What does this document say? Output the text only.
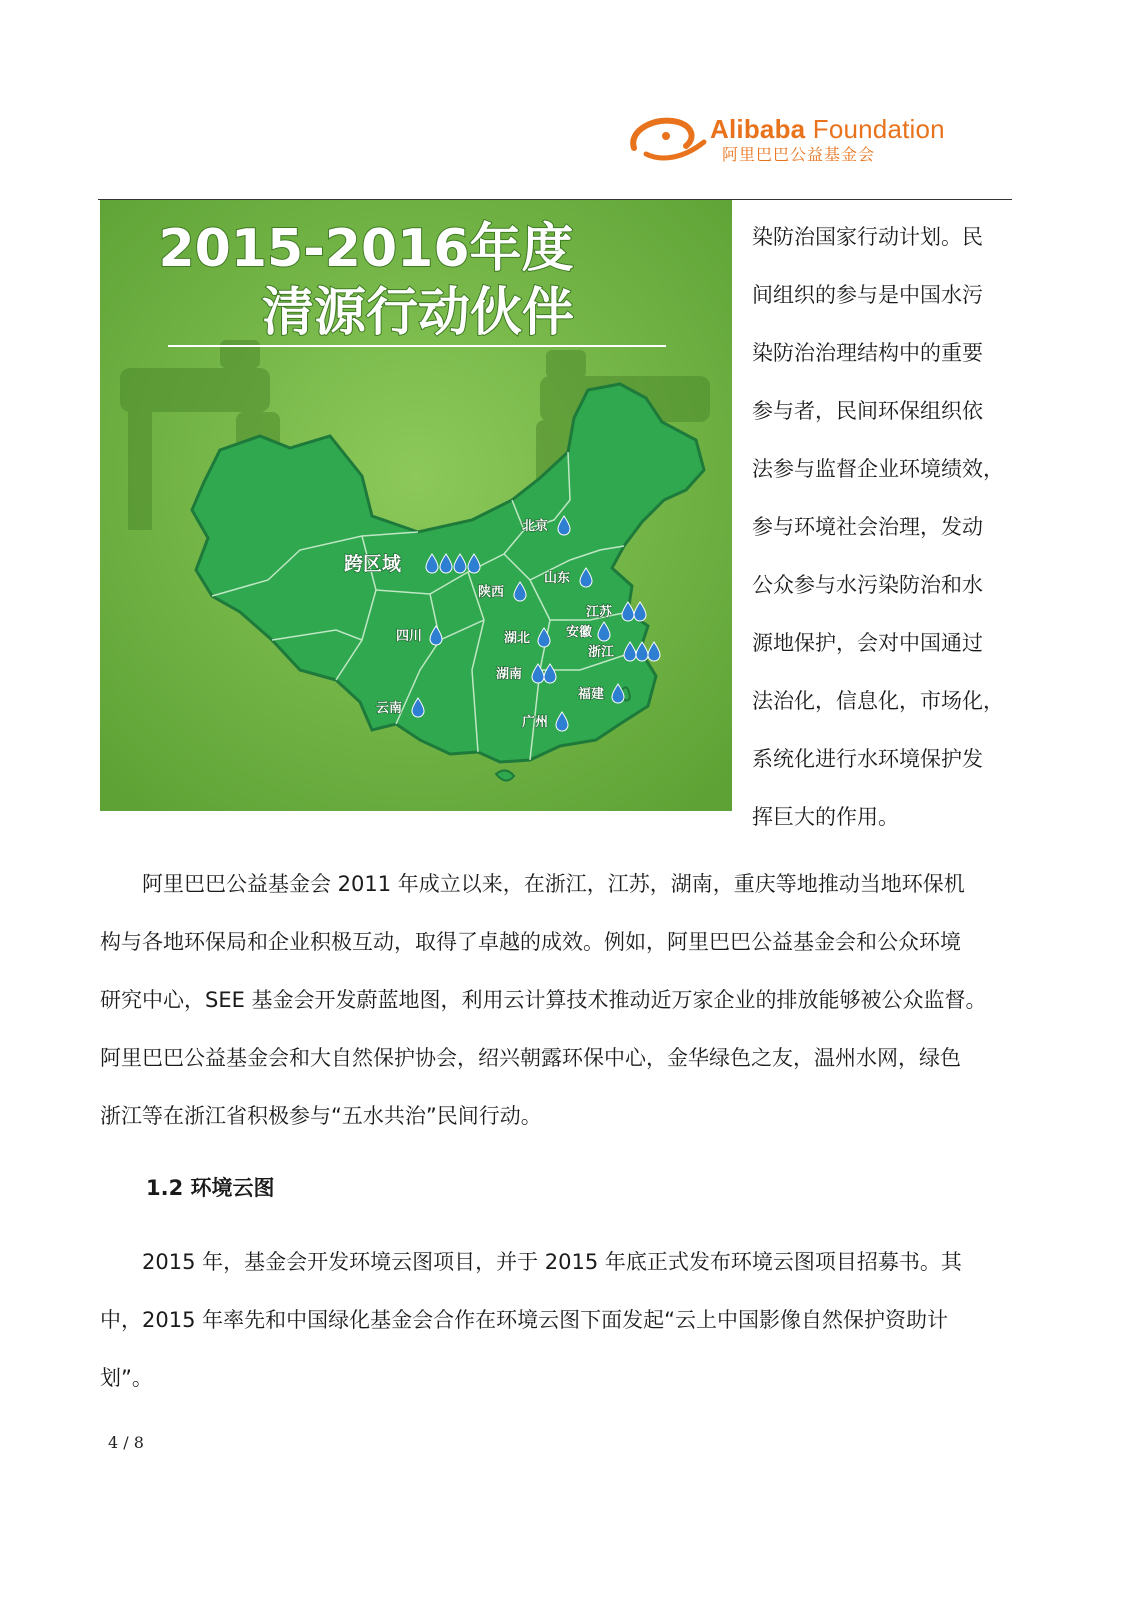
Alibaba Foundation
阿里巴巴公益基金会
2015-2016年度
清源行动伙伴
北京
跨区域
山东
陕西
江苏
四川	湖北	安徽
浙江
湖南
福建
云南
广州
染防治国家行动计划。民
间组织的参与是中国水污
染防治治理结构中的重要
参与者，民间环保组织依
法参与监督企业环境绩效，
参与环境社会治理，发动
公众参与水污染防治和水
源地保护，会对中国通过
法治化，信息化，市场化，
系统化进行水环境保护发
挥巨大的作用。
　　阿里巴巴公益基金会 2011 年成立以来，在浙江，江苏，湖南，重庆等地推动当地环保机
构与各地环保局和企业积极互动，取得了卓越的成效。例如，阿里巴巴公益基金会和公众环境
研究中心，SEE 基金会开发蔚蓝地图，利用云计算技术推动近万家企业的排放能够被公众监督。
阿里巴巴公益基金会和大自然保护协会，绍兴朝露环保中心，金华绿色之友，温州水网，绿色
浙江等在浙江省积极参与“五水共治”民间行动。
1.2 环境云图
　　2015 年，基金会开发环境云图项目，并于 2015 年底正式发布环境云图项目招募书。其
中，2015 年率先和中国绿化基金会合作在环境云图下面发起“云上中国影像自然保护资助计
划”。
4 / 8
